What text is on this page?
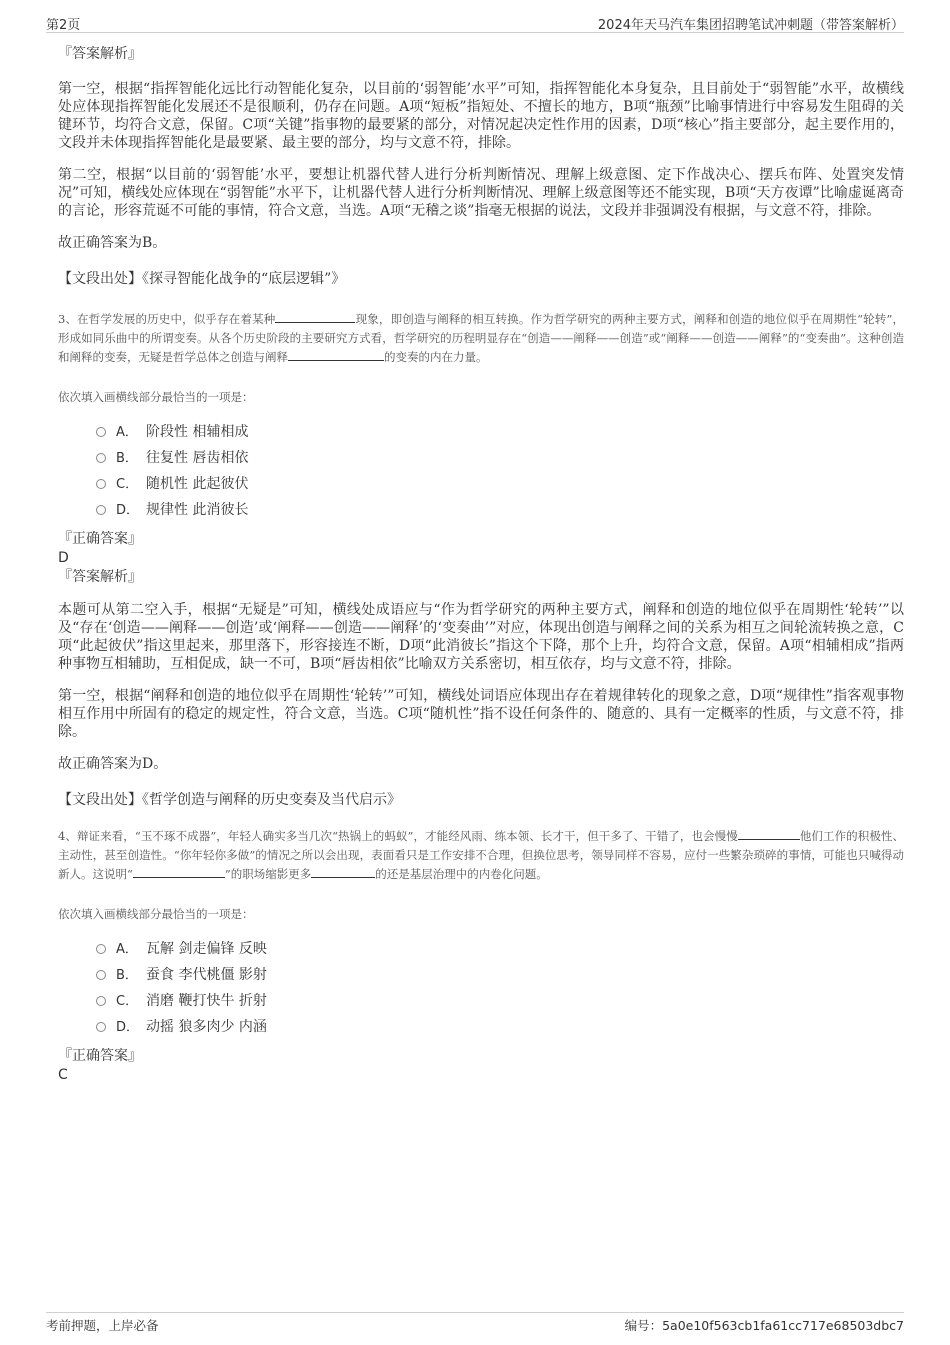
第2页	2024年天马汽车集团招聘笔试冲刺题（带答案解析）

『答案解析』

第一空，根据“指挥智能化远比行动智能化复杂，以目前的‘弱智能’水平”可知，指挥智能化本身复杂，且目前处于“弱智能”水平，故横线处应体现指挥智能化发展还不是很顺利，仍存在问题。A项“短板”指短处、不擅长的地方，B项“瓶颈”比喻事情进行中容易发生阻碍的关键环节，均符合文意，保留。C项“关键”指事物的最要紧的部分，对情况起决定性作用的因素，D项“核心”指主要部分，起主要作用的，文段并未体现指挥智能化是最要紧、最主要的部分，均与文意不符，排除。

第二空，根据“以目前的‘弱智能’水平，要想让机器代替人进行分析判断情况、理解上级意图、定下作战决心、摆兵布阵、处置突发情况”可知，横线处应体现在“弱智能”水平下，让机器代替人进行分析判断情况、理解上级意图等还不能实现，B项“天方夜谭”比喻虚诞离奇的言论，形容荒诞不可能的事情，符合文意，当选。A项“无稽之谈”指毫无根据的说法，文段并非强调没有根据，与文意不符，排除。

故正确答案为B。

【文段出处】《探寻智能化战争的“底层逻辑”》

3、在哲学发展的历史中，似乎存在着某种	现象，即创造与阐释的相互转换。作为哲学研究的两种主要方式，阐释和创造的地位似乎在周期性“轮转”，形成如同乐曲中的所谓变奏。从各个历史阶段的主要研究方式看，哲学研究的历程明显存在“创造——阐释——创造”或“阐释——创造——阐释”的“变奏曲”。这种创造和阐释的变奏，无疑是哲学总体之创造与阐释	的变奏的内在力量。

依次填入画横线部分最恰当的一项是：

A． 阶段性 相辅相成
B． 往复性 唇齿相依
C． 随机性 此起彼伏
D． 规律性 此消彼长

『正确答案』

D

『答案解析』

本题可从第二空入手，根据“无疑是”可知，横线处成语应与“作为哲学研究的两种主要方式，阐释和创造的地位似乎在周期性‘轮转’”以及“存在‘创造——阐释——创造’或‘阐释——创造——阐释’的‘变奏曲’”对应，体现出创造与阐释之间的关系为相互之间轮流转换之意，C项“此起彼伏”指这里起来，那里落下，形容接连不断，D项“此消彼长”指这个下降，那个上升，均符合文意，保留。A项“相辅相成”指两种事物互相辅助，互相促成，缺一不可，B项“唇齿相依”比喻双方关系密切，相互依存，均与文意不符，排除。

第一空，根据“阐释和创造的地位似乎在周期性‘轮转’”可知，横线处词语应体现出存在着规律转化的现象之意，D项“规律性”指客观事物相互作用中所固有的稳定的规定性，符合文意，当选。C项“随机性”指不设任何条件的、随意的、具有一定概率的性质，与文意不符，排除。

故正确答案为D。

【文段出处】《哲学创造与阐释的历史变奏及当代启示》

4、辩证来看，“玉不琢不成器”，年轻人确实多当几次“热锅上的蚂蚁”，才能经风雨、练本领、长才干，但干多了、干错了，也会慢慢	他们工作的积极性、主动性，甚至创造性。“你年轻你多做”的情况之所以会出现，表面看只是工作安排不合理，但换位思考，领导同样不容易，应付一些繁杂琐碎的事情，可能也只喊得动新人。这说明“	”的职场缩影更多	的还是基层治理中的内卷化问题。

依次填入画横线部分最恰当的一项是：

A． 瓦解 剑走偏锋 反映
B． 蚕食 李代桃僵 影射
C． 消磨 鞭打快牛 折射
D． 动摇 狼多肉少 内涵

『正确答案』

C

考前押题，上岸必备	编号：5a0e10f563cb1fa61cc717e68503dbc7
